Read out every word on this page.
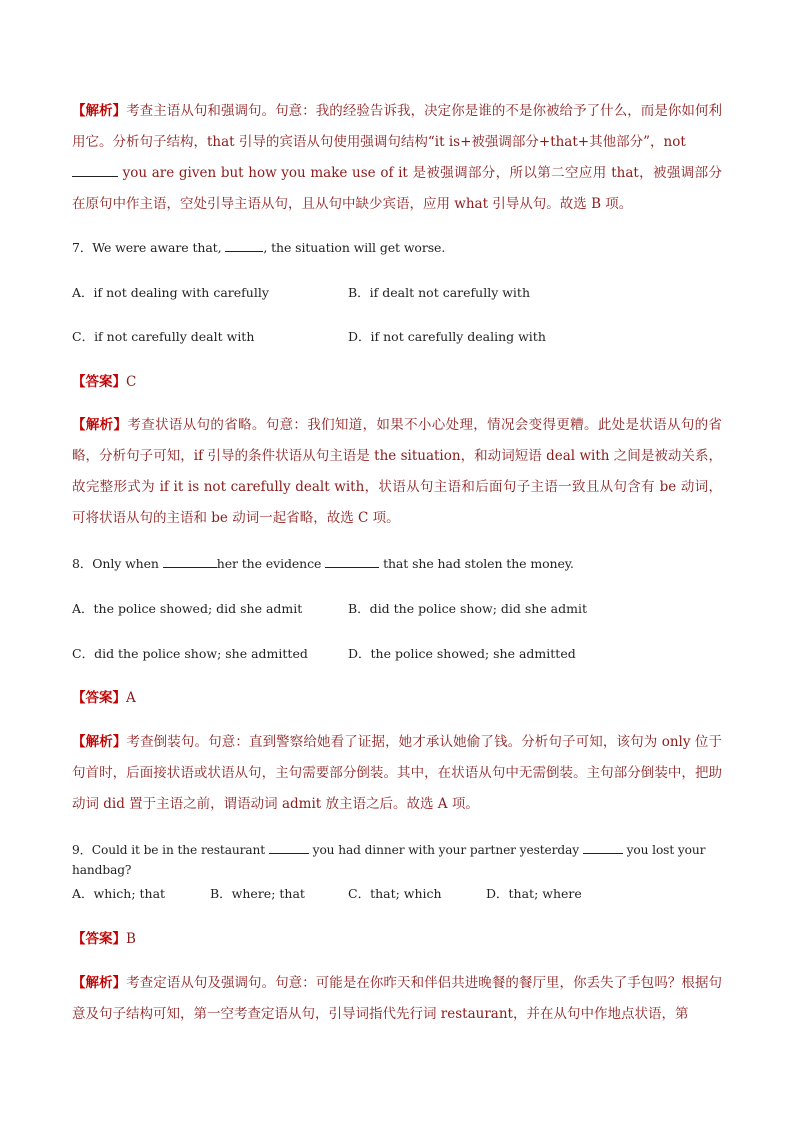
【解析】考查主语从句和强调句。句意：我的经验告诉我，决定你是谁的不是你被给予了什么，而是你如何利用它。分析句子结构，that 引导的宾语从句使用强调句结构“it is+被强调部分+that+其他部分”，not
you are given but how you make use of it 是被强调部分，所以第二空应用 that，被强调部分在原句中作主语，空处引导主语从句，且从句中缺少宾语，应用 what 引导从句。故选 B 项。
7．We were aware that,	, the situation will get worse.
A．if not dealing with carefully	B．if dealt not carefully with
C．if not carefully dealt with	D．if not carefully dealing with
【答案】C
【解析】考查状语从句的省略。句意：我们知道，如果不小心处理，情况会变得更糟。此处是状语从句的省略，分析句子可知，if 引导的条件状语从句主语是 the situation，和动词短语 deal with 之间是被动关系，故完整形式为 if it is not carefully dealt with，状语从句主语和后面句子主语一致且从句含有 be 动词，可将状语从句的主语和 be 动词一起省略，故选 C 项。
8．Only when	her the evidence	that she had stolen the money.
A．the police showed; did she admit	B．did the police show; did she admit
C．did the police show; she admitted	D．the police showed; she admitted
【答案】A
【解析】考查倒装句。句意：直到警察给她看了证据，她才承认她偷了钱。分析句子可知，该句为 only 位于句首时，后面接状语或状语从句，主句需要部分倒装。其中，在状语从句中无需倒装。主句部分倒装中，把助动词 did 置于主语之前，谓语动词 admit 放主语之后。故选 A 项。
9．Could it be in the restaurant	you had dinner with your partner yesterday	you lost your handbag?
A．which; that	B．where; that	C．that; which	D．that; where
【答案】B
【解析】考查定语从句及强调句。句意：可能是在你昨天和伴侣共进晚餐的餐厅里，你丢失了手包吗？根据句意及句子结构可知，第一空考查定语从句，引导词指代先行词 restaurant，并在从句中作地点状语，第
